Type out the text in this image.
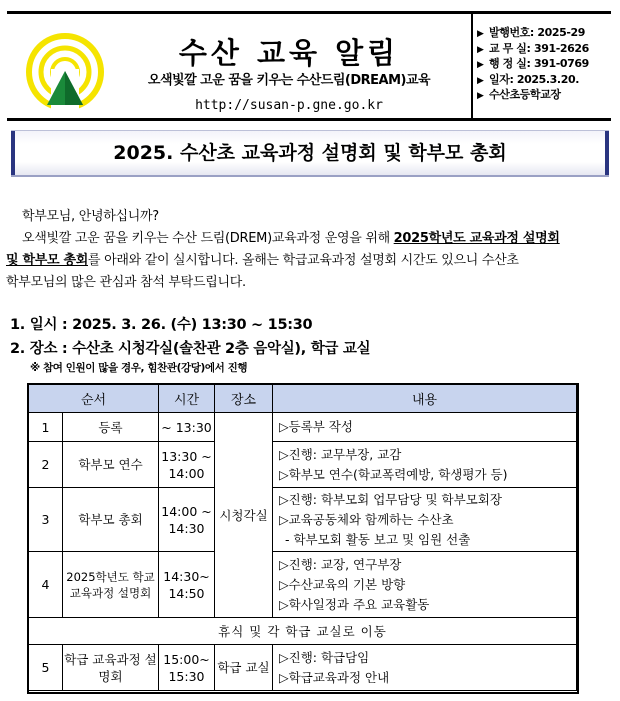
수산 교육 알림
오색빛깔 고운 꿈을 키우는 수산드림(DREAM)교육
http://susan-p.gne.go.kr
▶ 발행번호: 2025-29
▶ 교 무 실: 391-2626
▶ 행 정 실: 391-0769
▶ 일자: 2025.3.20.
▶ 수산초등학교장
2025. 수산초 교육과정 설명회 및 학부모 총회

학부모님, 안녕하십니까?

오색빛깔 고운 꿈을 키우는 수산 드림(DREM)교육과정 운영을 위해 2025학년도 교육과정 설명회

및 학부모 총회를 아래와 같이 실시합니다. 올해는 학급교육과정 설명회 시간도 있으니 수산초

학부모님의 많은 관심과 참석 부탁드립니다.

1. 일시 : 2025. 3. 26. (수) 13:30 ~ 15:30
2. 장소 : 수산초 시청각실(솔찬관 2층 음악실), 학급 교실
※ 참여 인원이 많을 경우, 힘찬관(강당)에서 진행
순서		시간	장소	내용
1	등록	~ 13:30	시청각실	▷등록부 작성

2	학부모 연수	13:30 ~ 14:00		▷진행: 교무부장, 교감
▷학부모 연수(학교폭력예방, 학생평가 등)

3	학부모 총회	14:00 ~ 14:30		▷진행: 학부모회 업무담당 및 학부모회장
▷교육공동체와 함께하는 수산초
- 학부모회 활동 보고 및 임원 선출

4	2025학년도 학교 교육과정 설명회	14:30~ 14:50		▷진행: 교장, 연구부장
▷수산교육의 기본 방향
▷학사일정과 주요 교육활동

휴식 및 각 학급 교실로 이동				
5	학급 교육과정 설명회	15:00~ 15:30	학급 교실	▷진행: 학급담임
▷학급교육과정 안내
